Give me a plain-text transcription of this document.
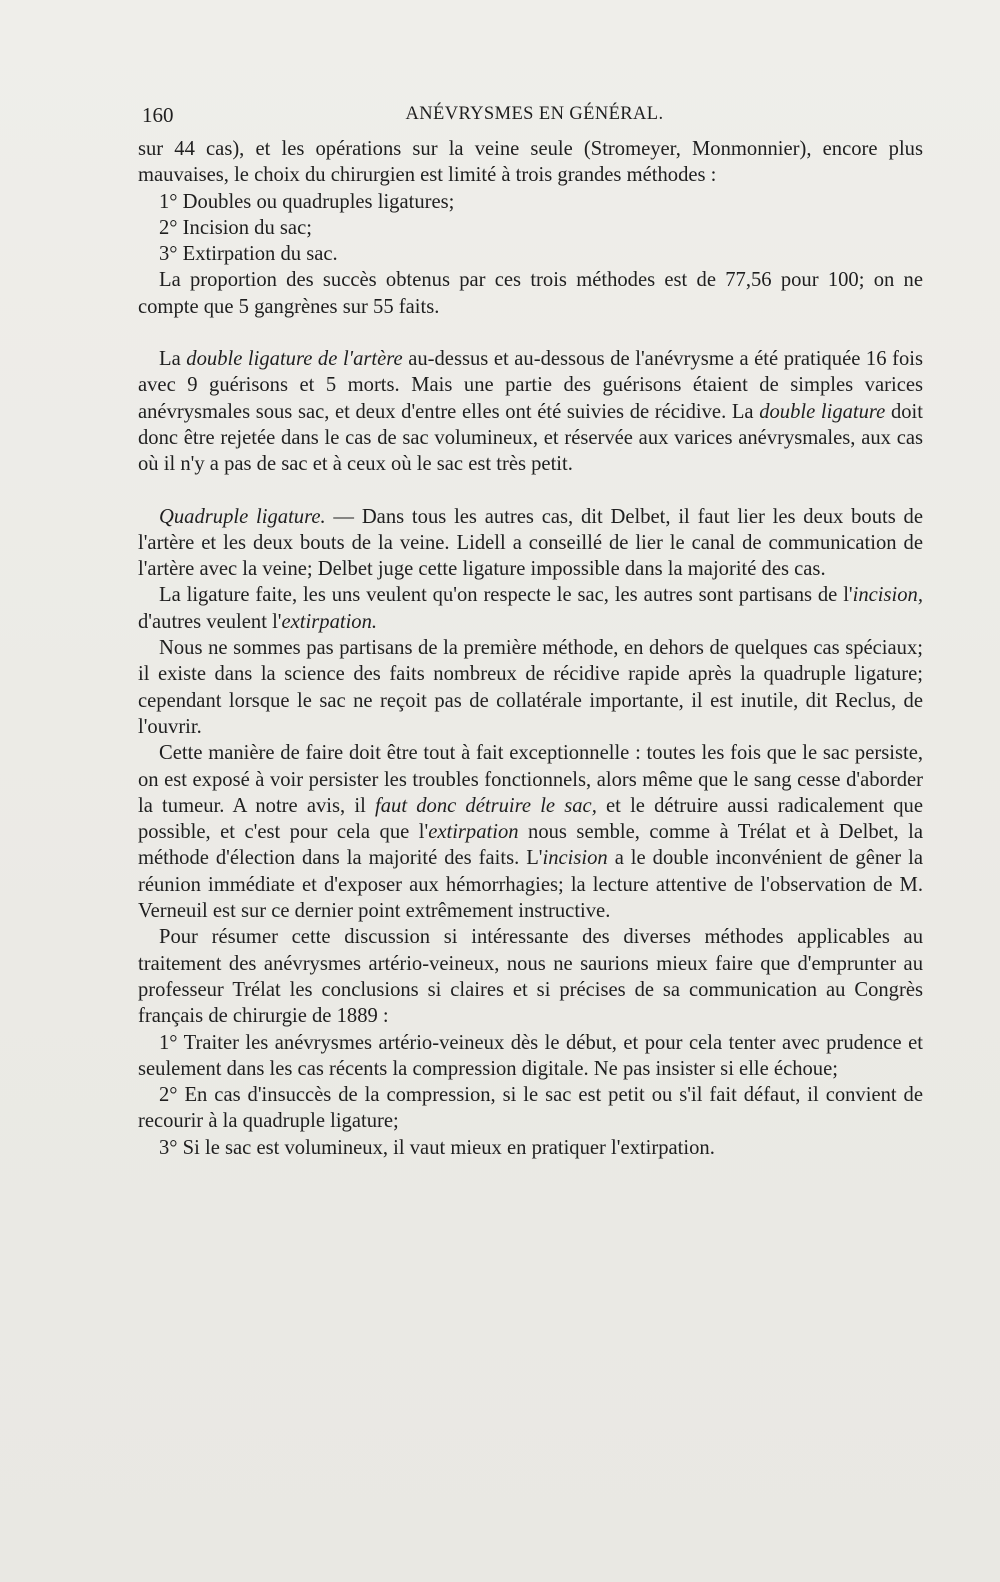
160	ANÉVRYSMES EN GÉNÉRAL.

sur 44 cas), et les opérations sur la veine seule (Stromeyer, Monmonnier), encore plus mauvaises, le choix du chirurgien est limité à trois grandes méthodes :

1° Doubles ou quadruples ligatures;

2° Incision du sac;

3° Extirpation du sac.

La proportion des succès obtenus par ces trois méthodes est de 77,56 pour 100; on ne compte que 5 gangrènes sur 55 faits.

La double ligature de l'artère au-dessus et au-dessous de l'anévrysme a été pratiquée 16 fois avec 9 guérisons et 5 morts. Mais une partie des guérisons étaient de simples varices anévrysmales sous sac, et deux d'entre elles ont été suivies de récidive. La double ligature doit donc être rejetée dans le cas de sac volumineux, et réservée aux varices anévrysmales, aux cas où il n'y a pas de sac et à ceux où le sac est très petit.

Quadruple ligature. — Dans tous les autres cas, dit Delbet, il faut lier les deux bouts de l'artère et les deux bouts de la veine. Lidell a conseillé de lier le canal de communication de l'artère avec la veine; Delbet juge cette ligature impossible dans la majorité des cas.

La ligature faite, les uns veulent qu'on respecte le sac, les autres sont partisans de l'incision, d'autres veulent l'extirpation.

Nous ne sommes pas partisans de la première méthode, en dehors de quelques cas spéciaux; il existe dans la science des faits nombreux de récidive rapide après la quadruple ligature; cependant lorsque le sac ne reçoit pas de collatérale importante, il est inutile, dit Reclus, de l'ouvrir.

Cette manière de faire doit être tout à fait exceptionnelle : toutes les fois que le sac persiste, on est exposé à voir persister les troubles fonctionnels, alors même que le sang cesse d'aborder la tumeur. A notre avis, il faut donc détruire le sac, et le détruire aussi radicalement que possible, et c'est pour cela que l'extirpation nous semble, comme à Trélat et à Delbet, la méthode d'élection dans la majorité des faits. L'incision a le double inconvénient de gêner la réunion immédiate et d'exposer aux hémorrhagies; la lecture attentive de l'observation de M. Verneuil est sur ce dernier point extrêmement instructive.

Pour résumer cette discussion si intéressante des diverses méthodes applicables au traitement des anévrysmes artério-veineux, nous ne saurions mieux faire que d'emprunter au professeur Trélat les conclusions si claires et si précises de sa communication au Congrès français de chirurgie de 1889 :

1° Traiter les anévrysmes artério-veineux dès le début, et pour cela tenter avec prudence et seulement dans les cas récents la compression digitale. Ne pas insister si elle échoue;

2° En cas d'insuccès de la compression, si le sac est petit ou s'il fait défaut, il convient de recourir à la quadruple ligature;

3° Si le sac est volumineux, il vaut mieux en pratiquer l'extirpation.
